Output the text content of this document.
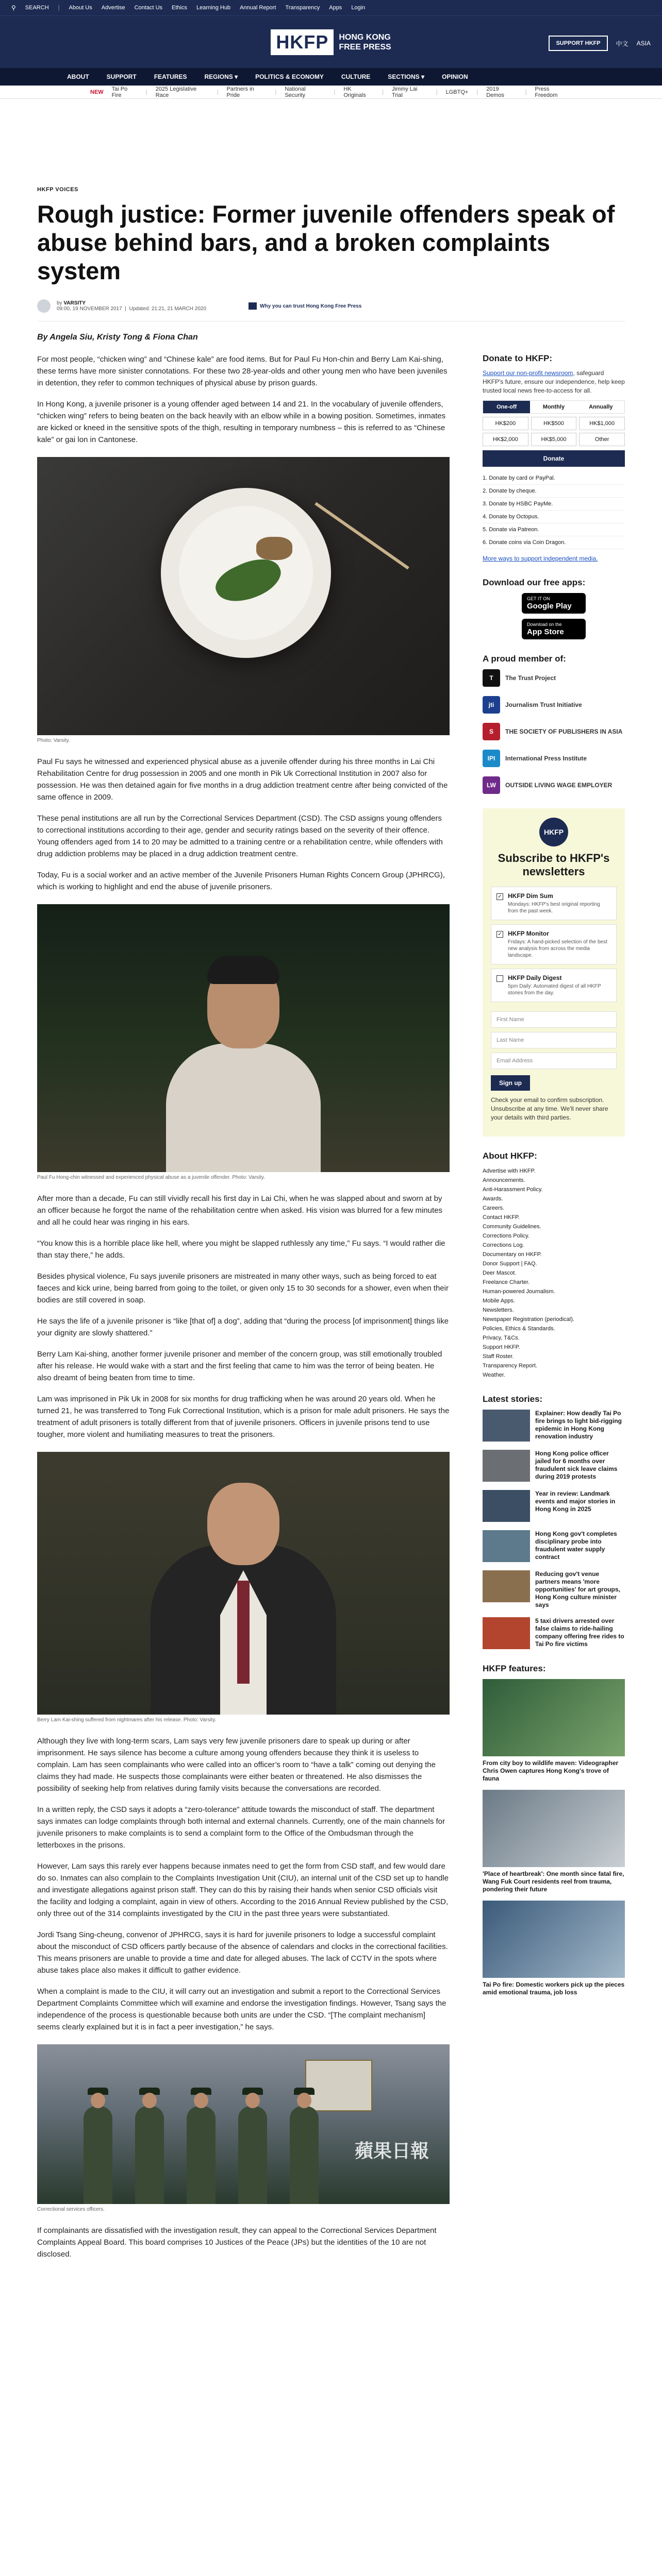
⚲ SEARCH | About Us Advertise Contact Us Ethics Learning Hub Annual Report Transparency Apps Login
HKFP	HONG KONG
FREE PRESS	SUPPORT HKFP	中文 ASIA
ABOUT	SUPPORT	FEATURES	REGIONS ▾	POLITICS & ECONOMY	CULTURE	SECTIONS ▾	OPINION
NEW Tai Po Fire	| 2025 Legislative Race	| Partners in Pride	| National Security	| HK Originals	| Jimmy Lai Trial	| LGBTQ+ | 2019 Demos	| Press Freedom
HKFP VOICES
Rough justice: Former juvenile offenders speak of abuse behind bars, and a broken complaints system
by VARSITY
09:00, 19 NOVEMBER 2017  |  Updated: 21:21, 21 MARCH 2020	Why you can trust Hong Kong Free Press
By Angela Siu, Kristy Tong & Fiona Chan

For most people, “chicken wing” and “Chinese kale” are food items. But for Paul Fu Hon-chin and Berry Lam Kai-shing, these terms have more sinister connotations. For these two 28-year-olds and other young men who have been juveniles in detention, they refer to common techniques of physical abuse by prison guards.

In Hong Kong, a juvenile prisoner is a young offender aged between 14 and 21. In the vocabulary of juvenile offenders, “chicken wing” refers to being beaten on the back heavily with an elbow while in a bowing position. Sometimes, inmates are kicked or kneed in the sensitive spots of the thigh, resulting in temporary numbness – this is referred to as “Chinese kale” or gai lon in Cantonese.

Photo: Varsity.

Paul Fu says he witnessed and experienced physical abuse as a juvenile offender during his three months in Lai Chi Rehabilitation Centre for drug possession in 2005 and one month in Pik Uk Correctional Institution in 2007 also for possession. He was then detained again for five months in a drug addiction treatment centre after being convicted of the same offence in 2009.

These penal institutions are all run by the Correctional Services Department (CSD). The CSD assigns young offenders to correctional institutions according to their age, gender and security ratings based on the severity of their offence. Young offenders aged from 14 to 20 may be admitted to a training centre or a rehabilitation centre, while offenders with drug addiction problems may be placed in a drug addiction treatment centre.

Today, Fu is a social worker and an active member of the Juvenile Prisoners Human Rights Concern Group (JPHRCG), which is working to highlight and end the abuse of juvenile prisoners.

Paul Fu Hong-chin witnessed and experienced physical abuse as a juvenile offender. Photo: Varsity.

After more than a decade, Fu can still vividly recall his first day in Lai Chi, when he was slapped about and sworn at by an officer because he forgot the name of the rehabilitation centre when asked. His vision was blurred for a few minutes and all he could hear was ringing in his ears.

“You know this is a horrible place like hell, where you might be slapped ruthlessly any time,” Fu says. “I would rather die than stay there,” he adds.

Besides physical violence, Fu says juvenile prisoners are mistreated in many other ways, such as being forced to eat faeces and kick urine, being barred from going to the toilet, or given only 15 to 30 seconds for a shower, even when their bodies are still covered in soap.

He says the life of a juvenile prisoner is “like [that of] a dog”, adding that “during the process [of imprisonment] things like your dignity are slowly shattered.”

Berry Lam Kai-shing, another former juvenile prisoner and member of the concern group, was still emotionally troubled after his release. He would wake with a start and the first feeling that came to him was the terror of being beaten. He also dreamt of being beaten from time to time.

Lam was imprisoned in Pik Uk in 2008 for six months for drug trafficking when he was around 20 years old. When he turned 21, he was transferred to Tong Fuk Correctional Institution, which is a prison for male adult prisoners. He says the treatment of adult prisoners is totally different from that of juvenile prisoners. Officers in juvenile prisons tend to use tougher, more violent and humiliating measures to treat the prisoners.

Berry Lam Kai-shing suffered from nightmares after his release. Photo: Varsity.

Although they live with long-term scars, Lam says very few juvenile prisoners dare to speak up during or after imprisonment. He says silence has become a culture among young offenders because they think it is useless to complain. Lam has seen complainants who were called into an officer’s room to “have a talk” coming out denying the claims they had made. He suspects those complainants were either beaten or threatened. He also dismisses the possibility of seeking help from relatives during family visits because the conversations are recorded.

In a written reply, the CSD says it adopts a “zero-tolerance” attitude towards the misconduct of staff. The department says inmates can lodge complaints through both internal and external channels. Currently, one of the main channels for juvenile prisoners to make complaints is to send a complaint form to the Office of the Ombudsman through the letterboxes in the prisons.

However, Lam says this rarely ever happens because inmates need to get the form from CSD staff, and few would dare do so. Inmates can also complain to the Complaints Investigation Unit (CIU), an internal unit of the CSD set up to handle and investigate allegations against prison staff. They can do this by raising their hands when senior CSD officials visit the facility and lodging a complaint, again in view of others. According to the 2016 Annual Review published by the CSD, only three out of the 314 complaints investigated by the CIU in the past three years were substantiated.

Jordi Tsang Sing-cheung, convenor of JPHRCG, says it is hard for juvenile prisoners to lodge a successful complaint about the misconduct of CSD officers partly because of the absence of calendars and clocks in the correctional facilities. This means prisoners are unable to provide a time and date for alleged abuses. The lack of CCTV in the spots where abuse takes place also makes it difficult to gather evidence.

When a complaint is made to the CIU, it will carry out an investigation and submit a report to the Correctional Services Department Complaints Committee which will examine and endorse the investigation findings. However, Tsang says the independence of the process is questionable because both units are under the CSD. “[The complaint mechanism] seems clearly explained but it is in fact a peer investigation,” he says.

蘋果日報
Correctional services officers.

If complainants are dissatisfied with the investigation result, they can appeal to the Correctional Services Department Complaints Appeal Board. This board comprises 10 Justices of the Peace (JPs) but the identities of the 10 are not disclosed.

Donate to HKFP:
Support our non-profit newsroom, safeguard HKFP's future, ensure our independence, help keep trusted local news free-to-access for all.
One-off	Monthly	Annually
HK$200	HK$500	HK$1,000
HK$2,000	HK$5,000	Other
Donate
1. Donate by card or PayPal.
2. Donate by cheque.
3. Donate by HSBC PayMe.
4. Donate by Octopus.
5. Donate via Patreon.
6. Donate coins via Coin Dragon.
More ways to support independent media.
Download our free apps:
GET IT ON
Google Play
Download on the
App Store
A proud member of:
T	The Trust Project
jti	Journalism Trust Initiative
S	THE SOCIETY OF PUBLISHERS IN ASIA
IPI	International Press Institute
LW	OUTSIDE LIVING WAGE EMPLOYER
HKFP
Subscribe to HKFP's newsletters
✓ HKFP Dim Sum
Mondays: HKFP's best original reporting from the past week.
✓ HKFP Monitor
Fridays: A hand-picked selection of the best new analysis from across the media landscape.
HKFP Daily Digest
5pm Daily: Automated digest of all HKFP stories from the day.
First Name
Last Name
Email Address
Sign up
Check your email to confirm subscription. Unsubscribe at any time. We'll never share your details with third parties.
About HKFP:
Advertise with HKFP.
Announcements.
Anti-Harassment Policy.
Awards.
Careers.
Contact HKFP.
Community Guidelines.
Corrections Policy.
Corrections Log.
Documentary on HKFP.
Donor Support | FAQ.
Deer Mascot.
Freelance Charter.
Human-powered Journalism.
Mobile Apps.
Newsletters.
Newspaper Registration (periodical).
Policies, Ethics & Standards.
Privacy, T&Cs.
Support HKFP.
Staff Roster.
Transparency Report.
Weather.
Latest stories:
Explainer: How deadly Tai Po fire brings to light bid-rigging epidemic in Hong Kong renovation industry
Hong Kong police officer jailed for 6 months over fraudulent sick leave claims during 2019 protests
Year in review: Landmark events and major stories in Hong Kong in 2025
Hong Kong gov't completes disciplinary probe into fraudulent water supply contract
Reducing gov't venue partners means 'more opportunities' for art groups, Hong Kong culture minister says
5 taxi drivers arrested over false claims to ride-hailing company offering free rides to Tai Po fire victims
HKFP features:
From city boy to wildlife maven: Videographer Chris Owen captures Hong Kong's trove of fauna
'Place of heartbreak': One month since fatal fire, Wang Fuk Court residents reel from trauma, pondering their future
Tai Po fire: Domestic workers pick up the pieces amid emotional trauma, job loss
